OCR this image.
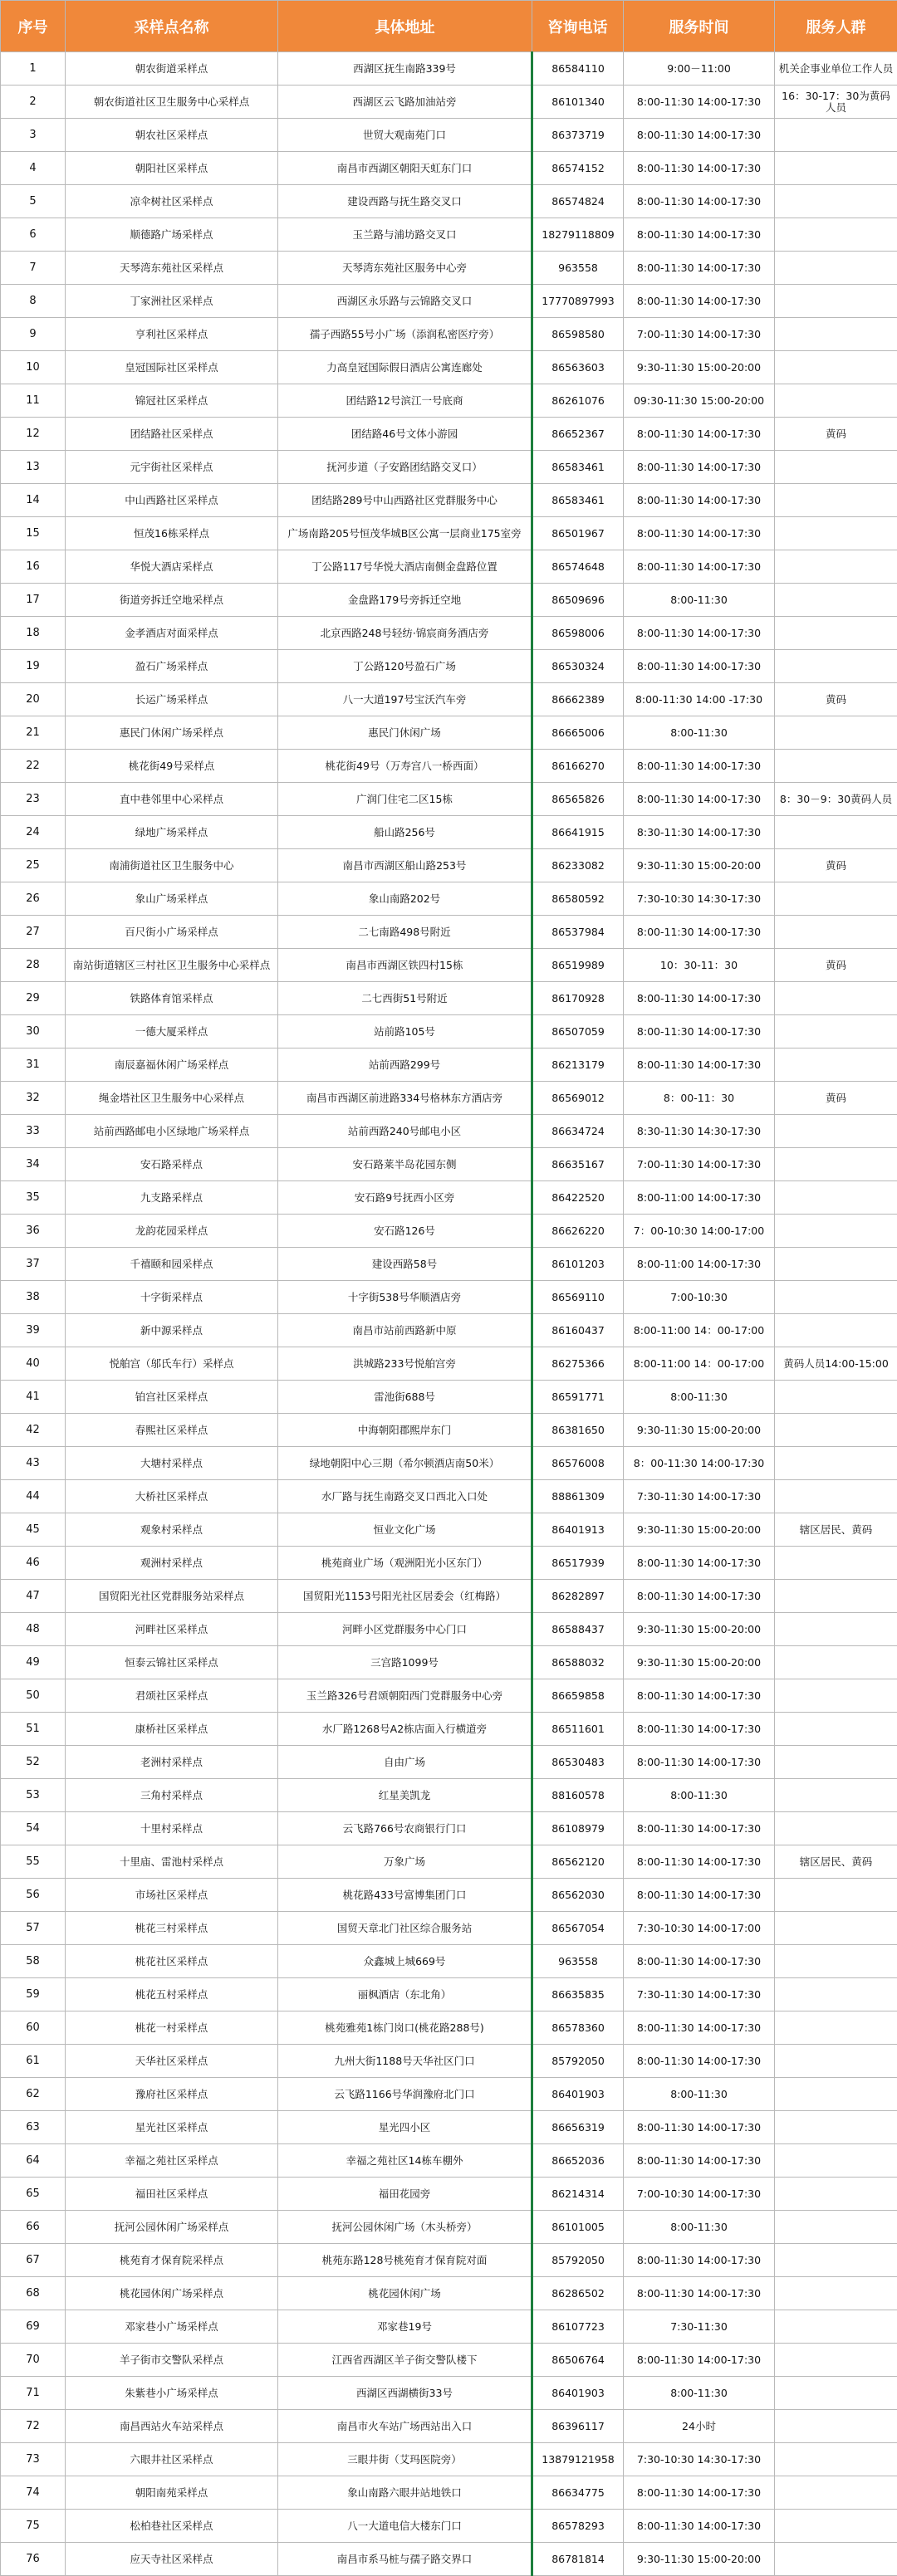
序号	采样点名称	具体地址	咨询电话	服务时间	服务人群
1	朝农街道采样点	西湖区抚生南路339号	86584110	9:00－11:00	机关企事业单位工作人员
2	朝农街道社区卫生服务中心采样点	西湖区云飞路加油站旁	86101340	8:00-11:30 14:00-17:30	16：30-17：30为黄码人员
3	朝农社区采样点	世贸大观南苑门口	86373719	8:00-11:30 14:00-17:30	
4	朝阳社区采样点	南昌市西湖区朝阳天虹东门口	86574152	8:00-11:30 14:00-17:30	
5	凉伞树社区采样点	建设西路与抚生路交叉口	86574824	8:00-11:30 14:00-17:30	
6	顺德路广场采样点	玉兰路与浦坊路交叉口	18279118809	8:00-11:30 14:00-17:30	
7	天琴湾东苑社区采样点	天琴湾东苑社区服务中心旁	963558	8:00-11:30 14:00-17:30	
8	丁家洲社区采样点	西湖区永乐路与云锦路交叉口	17770897993	8:00-11:30 14:00-17:30	
9	亨利社区采样点	孺子西路55号小广场（添润私密医疗旁）	86598580	7:00-11:30 14:00-17:30	
10	皇冠国际社区采样点	力高皇冠国际假日酒店公寓连廊处	86563603	9:30-11:30 15:00-20:00	
11	锦冠社区采样点	团结路12号滨江一号底商	86261076	09:30-11:30 15:00-20:00	
12	团结路社区采样点	团结路46号文体小游园	86652367	8:00-11:30 14:00-17:30	黄码
13	元宇街社区采样点	抚河步道（子安路团结路交叉口）	86583461	8:00-11:30 14:00-17:30	
14	中山西路社区采样点	团结路289号中山西路社区党群服务中心	86583461	8:00-11:30 14:00-17:30	
15	恒茂16栋采样点	广场南路205号恒茂华城B区公寓一层商业175室旁	86501967	8:00-11:30 14:00-17:30	
16	华悦大酒店采样点	丁公路117号华悦大酒店南侧金盘路位置	86574648	8:00-11:30 14:00-17:30	
17	街道旁拆迁空地采样点	金盘路179号旁拆迁空地	86509696	8:00-11:30	
18	金孝酒店对面采样点	北京西路248号轻纺·锦宸商务酒店旁	86598006	8:00-11:30 14:00-17:30	
19	盈石广场采样点	丁公路120号盈石广场	86530324	8:00-11:30 14:00-17:30	
20	长运广场采样点	八一大道197号宝沃汽车旁	86662389	8:00-11:30 14:00 -17:30	黄码
21	惠民门休闲广场采样点	惠民门休闲广场	86665006	8:00-11:30	
22	桃花街49号采样点	桃花街49号（万寿宫八一桥西面）	86166270	8:00-11:30 14:00-17:30	
23	直中巷邻里中心采样点	广润门住宅二区15栋	86565826	8:00-11:30 14:00-17:30	8：30－9：30黄码人员
24	绿地广场采样点	船山路256号	86641915	8:30-11:30 14:00-17:30	
25	南浦街道社区卫生服务中心	南昌市西湖区船山路253号	86233082	9:30-11:30 15:00-20:00	黄码
26	象山广场采样点	象山南路202号	86580592	7:30-10:30 14:30-17:30	
27	百尺街小广场采样点	二七南路498号附近	86537984	8:00-11:30 14:00-17:30	
28	南站街道辖区三村社区卫生服务中心采样点	南昌市西湖区铁四村15栋	86519989	10：30-11：30	黄码
29	铁路体育馆采样点	二七西街51号附近	86170928	8:00-11:30 14:00-17:30	
30	一德大厦采样点	站前路105号	86507059	8:00-11:30 14:00-17:30	
31	南辰嘉福休闲广场采样点	站前西路299号	86213179	8:00-11:30 14:00-17:30	
32	绳金塔社区卫生服务中心采样点	南昌市西湖区前进路334号格林东方酒店旁	86569012	8：00-11：30	黄码
33	站前西路邮电小区绿地广场采样点	站前西路240号邮电小区	86634724	8:30-11:30 14:30-17:30	
34	安石路采样点	安石路莱半岛花园东侧	86635167	7:00-11:30 14:00-17:30	
35	九支路采样点	安石路9号抚西小区旁	86422520	8:00-11:00 14:00-17:30	
36	龙韵花园采样点	安石路126号	86626220	7：00-10:30 14:00-17:00	
37	千禧颐和园采样点	建设西路58号	86101203	8:00-11:00 14:00-17:30	
38	十字街采样点	十字街538号华顺酒店旁	86569110	7:00-10:30	
39	新中源采样点	南昌市站前西路新中原	86160437	8:00-11:00 14：00-17:00	
40	悦舶宫（邬氏车行）采样点	洪城路233号悦舶宫旁	86275366	8:00-11:00 14：00-17:00	黄码人员14:00-15:00
41	铂宫社区采样点	雷池街688号	86591771	8:00-11:30	
42	春熙社区采样点	中海朝阳郡熙岸东门	86381650	9:30-11:30 15:00-20:00	
43	大塘村采样点	绿地朝阳中心三期（希尔顿酒店南50米）	86576008	8：00-11:30 14:00-17:30	
44	大桥社区采样点	水厂路与抚生南路交叉口西北入口处	88861309	7:30-11:30 14:00-17:30	
45	观象村采样点	恒业文化广场	86401913	9:30-11:30 15:00-20:00	辖区居民、黄码
46	观洲村采样点	桃苑商业广场（观洲阳光小区东门）	86517939	8:00-11:30 14:00-17:30	
47	国贸阳光社区党群服务站采样点	国贸阳光1153号阳光社区居委会（红梅路）	86282897	8:00-11:30 14:00-17:30	
48	河畔社区采样点	河畔小区党群服务中心门口	86588437	9:30-11:30 15:00-20:00	
49	恒泰云锦社区采样点	三宫路1099号	86588032	9:30-11:30 15:00-20:00	
50	君颂社区采样点	玉兰路326号君颂朝阳西门党群服务中心旁	86659858	8:00-11:30 14:00-17:30	
51	康桥社区采样点	水厂路1268号A2栋店面入行横道旁	86511601	8:00-11:30 14:00-17:30	
52	老洲村采样点	自由广场	86530483	8:00-11:30 14:00-17:30	
53	三角村采样点	红星美凯龙	88160578	8:00-11:30	
54	十里村采样点	云飞路766号农商银行门口	86108979	8:00-11:30 14:00-17:30	
55	十里庙、雷池村采样点	万象广场	86562120	8:00-11:30 14:00-17:30	辖区居民、黄码
56	市场社区采样点	桃花路433号富博集团门口	86562030	8:00-11:30 14:00-17:30	
57	桃花三村采样点	国贸天章北门社区综合服务站	86567054	7:30-10:30 14:00-17:00	
58	桃花社区采样点	众鑫城上城669号	963558	8:00-11:30 14:00-17:30	
59	桃花五村采样点	丽枫酒店（东北角）	86635835	7:30-11:30 14:00-17:30	
60	桃花一村采样点	桃苑雅苑1栋门岗口(桃花路288号)	86578360	8:00-11:30 14:00-17:30	
61	天华社区采样点	九州大街1188号天华社区门口	85792050	8:00-11:30 14:00-17:30	
62	豫府社区采样点	云飞路1166号华润豫府北门口	86401903	8:00-11:30	
63	星光社区采样点	星光四小区	86656319	8:00-11:30 14:00-17:30	
64	幸福之苑社区采样点	幸福之苑社区14栋车棚外	86652036	8:00-11:30 14:00-17:30	
65	福田社区采样点	福田花园旁	86214314	7:00-10:30 14:00-17:30	
66	抚河公园休闲广场采样点	抚河公园休闲广场（木头桥旁）	86101005	8:00-11:30	
67	桃苑育才保育院采样点	桃苑东路128号桃苑育才保育院对面	85792050	8:00-11:30 14:00-17:30	
68	桃花园休闲广场采样点	桃花园休闲广场	86286502	8:00-11:30 14:00-17:30	
69	邓家巷小广场采样点	邓家巷19号	86107723	7:30-11:30	
70	羊子街市交警队采样点	江西省西湖区羊子街交警队楼下	86506764	8:00-11:30 14:00-17:30	
71	朱紫巷小广场采样点	西湖区西湖横街33号	86401903	8:00-11:30	
72	南昌西站火车站采样点	南昌市火车站广场西站出入口	86396117	24小时	
73	六眼井社区采样点	三眼井街（艾玛医院旁）	13879121958	7:30-10:30 14:30-17:30	
74	朝阳南苑采样点	象山南路六眼井站地铁口	86634775	8:00-11:30 14:00-17:30	
75	松柏巷社区采样点	八一大道电信大楼东门口	86578293	8:00-11:30 14:00-17:30	
76	应天寺社区采样点	南昌市系马桩与孺子路交界口	86781814	9:30-11:30 15:00-20:00	
